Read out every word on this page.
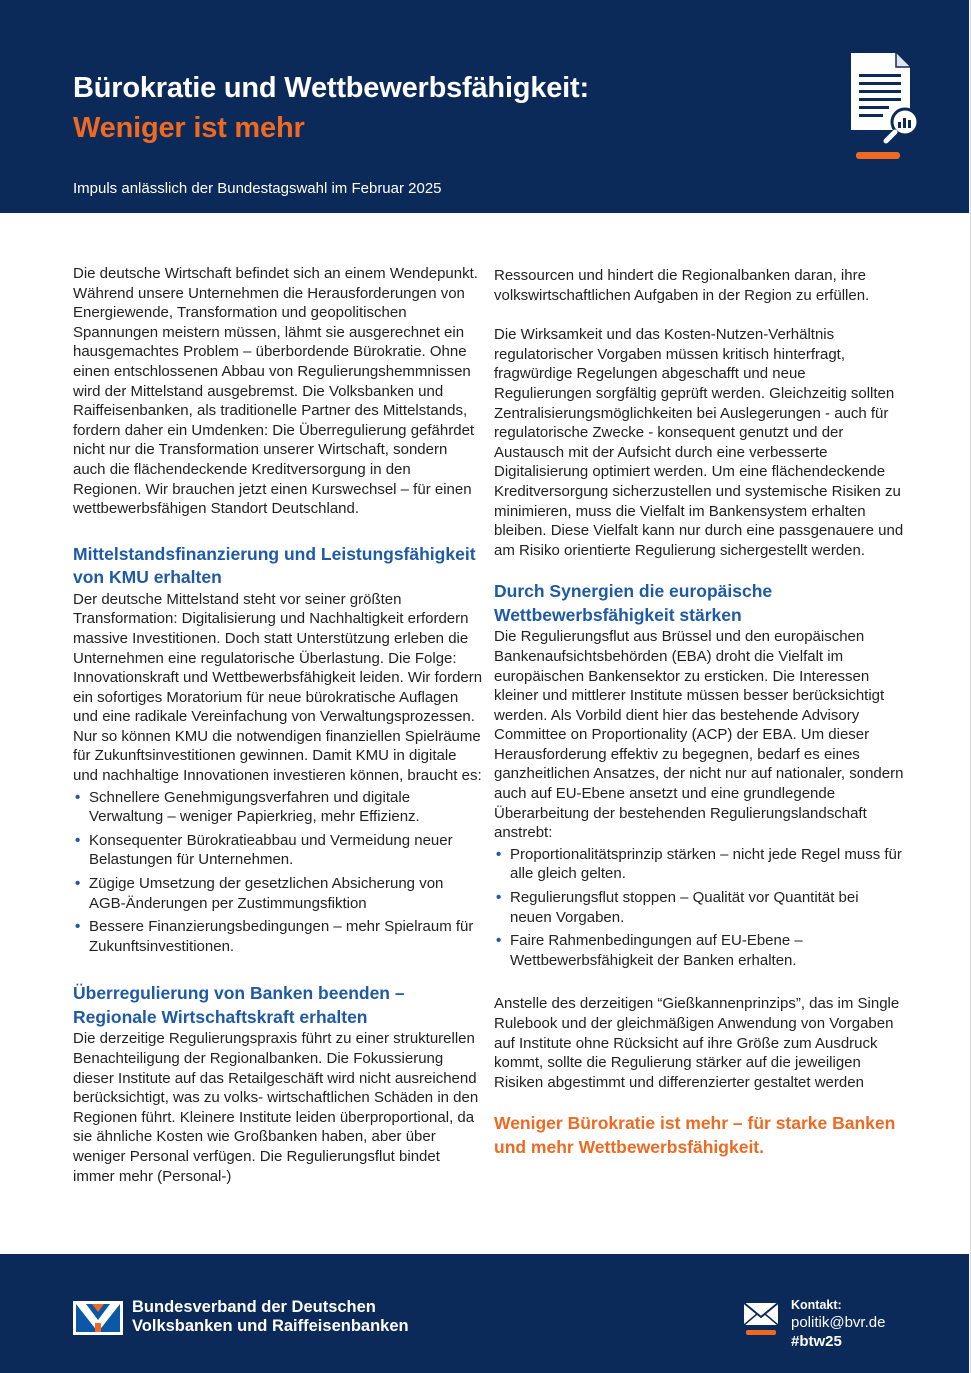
Bürokratie und Wettbewerbsfähigkeit:
Weniger ist mehr
Impuls anlässlich der Bundestagswahl im Februar 2025

Die deutsche Wirtschaft befindet sich an einem Wendepunkt. Während unsere Unternehmen die Herausforderungen von Energiewende, Transformation und geopolitischen Spannungen meistern müssen, lähmt sie ausgerechnet ein hausgemachtes Problem – überbordende Bürokratie. Ohne einen entschlossenen Abbau von Regulierungshemmnissen wird der Mittelstand ausgebremst. Die Volksbanken und Raiffeisenbanken, als traditionelle Partner des Mittelstands, fordern daher ein Umdenken: Die Überregulierung gefährdet nicht nur die Transformation unserer Wirtschaft, sondern auch die flächendeckende Kreditversorgung in den Regionen. Wir brauchen jetzt einen Kurswechsel – für einen wettbewerbsfähigen Standort Deutschland.

Mittelstandsfinanzierung und Leistungsfähigkeit von KMU erhalten

Der deutsche Mittelstand steht vor seiner größten Transformation: Digitalisierung und Nachhaltigkeit erfordern massive Investitionen. Doch statt Unterstützung erleben die Unternehmen eine regulatorische Überlastung. Die Folge: Innovationskraft und Wettbewerbsfähigkeit leiden. Wir fordern ein sofortiges Moratorium für neue bürokratische Auflagen und eine radikale Vereinfachung von Verwaltungsprozessen. Nur so können KMU die notwendigen finanziellen Spielräume für Zukunftsinvestitionen gewinnen. Damit KMU in digitale und nachhaltige Innovationen investieren können, braucht es:

• Schnellere Genehmigungsverfahren und digitale Verwaltung – weniger Papierkrieg, mehr Effizienz.
• Konsequenter Bürokratieabbau und Vermeidung neuer Belastungen für Unternehmen.
• Zügige Umsetzung der gesetzlichen Absicherung von AGB-Änderungen per Zustimmungsfiktion
• Bessere Finanzierungsbedingungen – mehr Spielraum für Zukunftsinvestitionen.
Überregulierung von Banken beenden – Regionale Wirtschaftskraft erhalten

Die derzeitige Regulierungspraxis führt zu einer strukturellen Benachteiligung der Regionalbanken. Die Fokussierung dieser Institute auf das Retailgeschäft wird nicht ausreichend berücksichtigt, was zu volks- wirtschaftlichen Schäden in den Regionen führt. Kleinere Institute leiden überproportional, da sie ähnliche Kosten wie Großbanken haben, aber über weniger Personal verfügen. Die Regulierungsflut bindet immer mehr (Personal-)

Ressourcen und hindert die Regionalbanken daran, ihre volkswirtschaftlichen Aufgaben in der Region zu erfüllen.

Die Wirksamkeit und das Kosten-Nutzen-Verhältnis regulatorischer Vorgaben müssen kritisch hinterfragt, fragwürdige Regelungen abgeschafft und neue Regulierungen sorgfältig geprüft werden. Gleichzeitig sollten Zentralisierungsmöglichkeiten bei Auslegerungen - auch für regulatorische Zwecke - konsequent genutzt und der Austausch mit der Aufsicht durch eine verbesserte Digitalisierung optimiert werden. Um eine flächendeckende Kreditversorgung sicherzustellen und systemische Risiken zu minimieren, muss die Vielfalt im Bankensystem erhalten bleiben. Diese Vielfalt kann nur durch eine passgenauere und am Risiko orientierte Regulierung sichergestellt werden.

Durch Synergien die europäische Wettbewerbsfähigkeit stärken

Die Regulierungsflut aus Brüssel und den europäischen Bankenaufsichtsbehörden (EBA) droht die Vielfalt im europäischen Bankensektor zu ersticken. Die Interessen kleiner und mittlerer Institute müssen besser berücksichtigt werden. Als Vorbild dient hier das bestehende Advisory Committee on Proportionality (ACP) der EBA. Um dieser Herausforderung effektiv zu begegnen, bedarf es eines ganzheitlichen Ansatzes, der nicht nur auf nationaler, sondern auch auf EU-Ebene ansetzt und eine grundlegende Überarbeitung der bestehenden Regulierungslandschaft anstrebt:

• Proportionalitätsprinzip stärken – nicht jede Regel muss für alle gleich gelten.
• Regulierungsflut stoppen – Qualität vor Quantität bei neuen Vorgaben.
• Faire Rahmenbedingungen auf EU-Ebene – Wettbewerbsfähigkeit der Banken erhalten.

Anstelle des derzeitigen “Gießkannenprinzips”, das im Single Rulebook und der gleichmäßigen Anwendung von Vorgaben auf Institute ohne Rücksicht auf ihre Größe zum Ausdruck kommt, sollte die Regulierung stärker auf die jeweiligen Risiken abgestimmt und differenzierter gestaltet werden

Weniger Bürokratie ist mehr – für starke Banken und mehr Wettbewerbsfähigkeit.

Bundesverband der Deutschen
Volksbanken und Raiffeisenbanken
Kontakt:
politik@bvr.de
#btw25
